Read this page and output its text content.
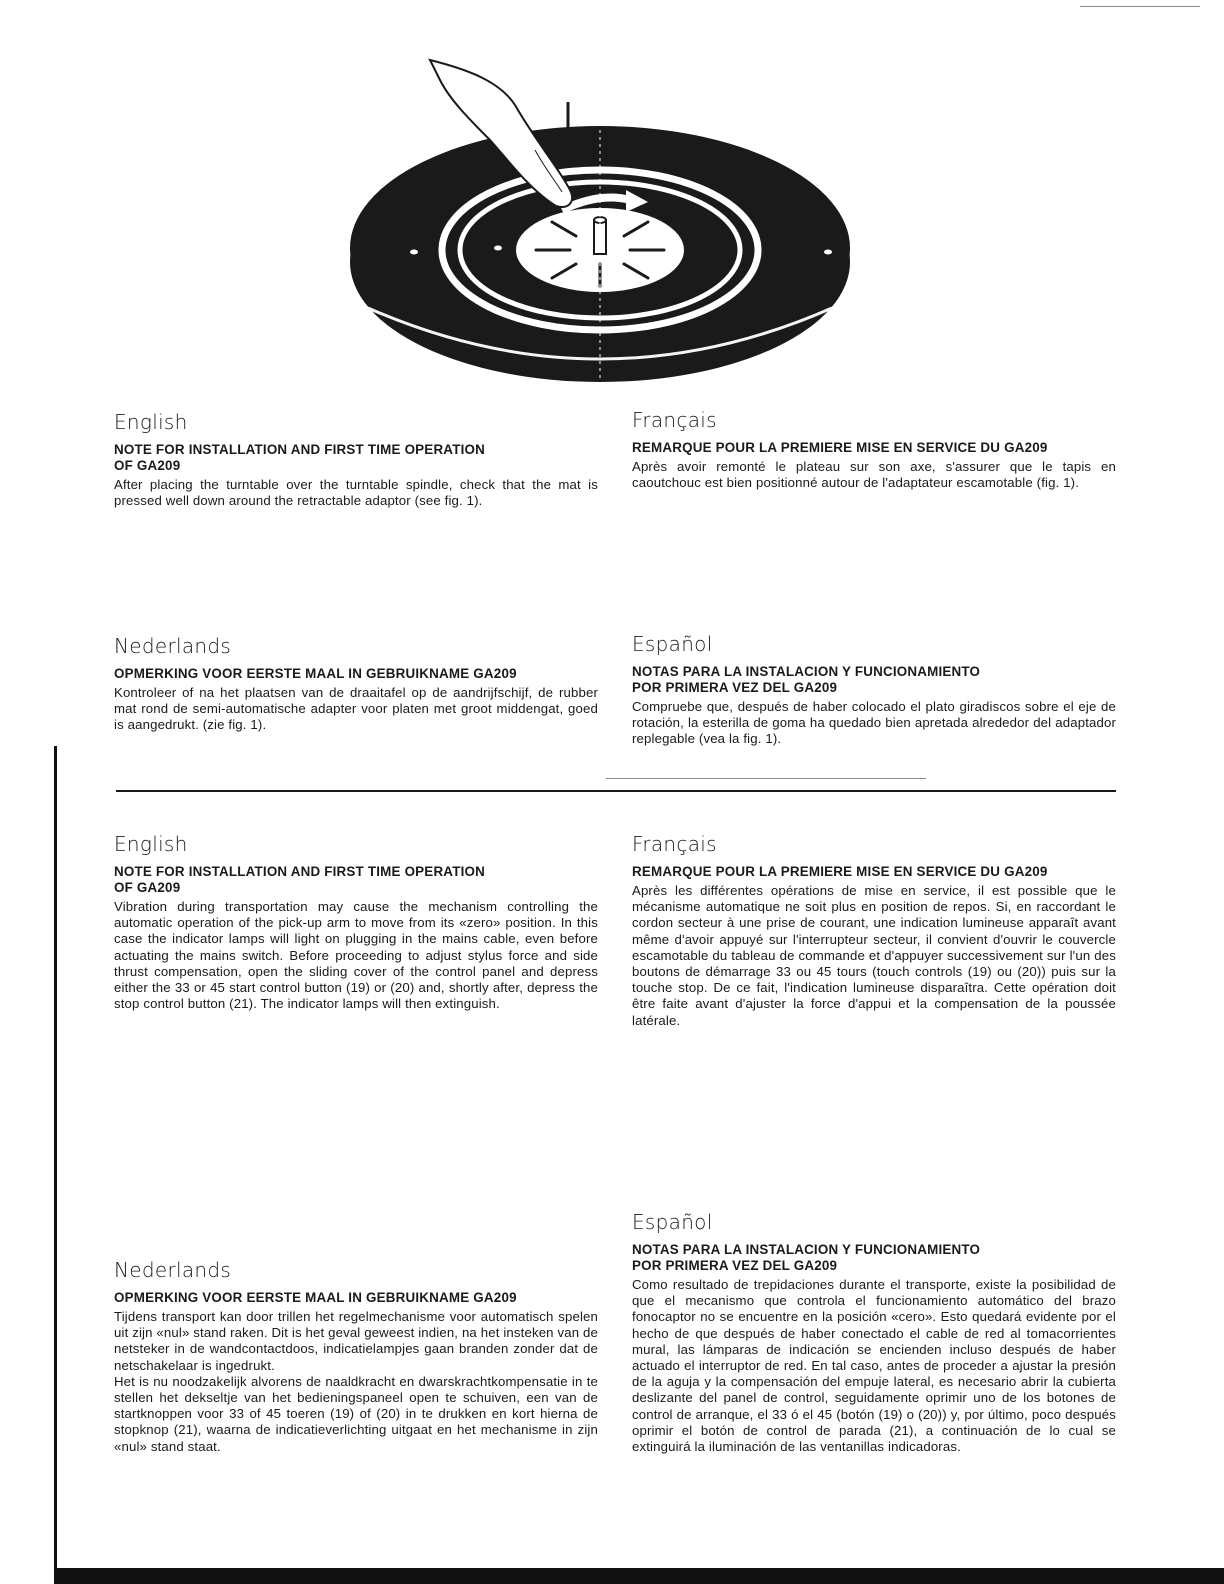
English
NOTE FOR INSTALLATION AND FIRST TIME OPERATION
OF GA209

After placing the turntable over the turntable spindle, check that the mat is pressed well down around the retractable adaptor (see fig. 1).

Français
REMARQUE POUR LA PREMIERE MISE EN SERVICE DU GA209

Après avoir remonté le plateau sur son axe, s'assurer que le tapis en caoutchouc est bien positionné autour de l'adaptateur escamotable (fig. 1).

Nederlands
OPMERKING VOOR EERSTE MAAL IN GEBRUIKNAME GA209

Kontroleer of na het plaatsen van de draaitafel op de aandrijfschijf, de rubber mat rond de semi-automatische adapter voor platen met groot middengat, goed is aangedrukt. (zie fig. 1).

Español
NOTAS PARA LA INSTALACION Y FUNCIONAMIENTO
POR PRIMERA VEZ DEL GA209

Compruebe que, después de haber colocado el plato giradiscos sobre el eje de rotación, la esterilla de goma ha quedado bien apretada alrededor del adaptador replegable (vea la fig. 1).

English
NOTE FOR INSTALLATION AND FIRST TIME OPERATION
OF GA209

Vibration during transportation may cause the mechanism controlling the automatic operation of the pick-up arm to move from its «zero» position. In this case the indicator lamps will light on plugging in the mains cable, even before actuating the mains switch. Before proceeding to adjust stylus force and side thrust compensation, open the sliding cover of the control panel and depress either the 33 or 45 start control button (19) or (20) and, shortly after, depress the stop control button (21). The indicator lamps will then extinguish.

Français
REMARQUE POUR LA PREMIERE MISE EN SERVICE DU GA209

Après les différentes opérations de mise en service, il est possible que le mécanisme automatique ne soit plus en position de repos. Si, en raccordant le cordon secteur à une prise de courant, une indication lumineuse apparaît avant même d'avoir appuyé sur l'interrupteur secteur, il convient d'ouvrir le couvercle escamotable du tableau de commande et d'appuyer successivement sur l'un des boutons de démarrage 33 ou 45 tours (touch controls (19) ou (20)) puis sur la touche stop. De ce fait, l'indication lumineuse disparaîtra. Cette opération doit être faite avant d'ajuster la force d'appui et la compensation de la poussée latérale.

Español
NOTAS PARA LA INSTALACION Y FUNCIONAMIENTO
POR PRIMERA VEZ DEL GA209

Como resultado de trepidaciones durante el transporte, existe la posibilidad de que el mecanismo que controla el funcionamiento automático del brazo fonocaptor no se encuentre en la posición «cero». Esto quedará evidente por el hecho de que después de haber conectado el cable de red al tomacorrientes mural, las lámparas de indicación se encienden incluso después de haber actuado el interruptor de red. En tal caso, antes de proceder a ajustar la presión de la aguja y la compensación del empuje lateral, es necesario abrir la cubierta deslizante del panel de control, seguidamente oprimir uno de los botones de control de arranque, el 33 ó el 45 (botón (19) o (20)) y, por último, poco después oprimir el botón de control de parada (21), a continuación de lo cual se extinguirá la iluminación de las ventanillas indicadoras.

Nederlands
OPMERKING VOOR EERSTE MAAL IN GEBRUIKNAME GA209

Tijdens transport kan door trillen het regelmechanisme voor automatisch spelen uit zijn «nul» stand raken. Dit is het geval geweest indien, na het insteken van de netsteker in de wandcontactdoos, indicatielampjes gaan branden zonder dat de netschakelaar is ingedrukt.
Het is nu noodzakelijk alvorens de naaldkracht en dwarskrachtkompensatie in te stellen het dekseltje van het bedieningspaneel open te schuiven, een van de startknoppen voor 33 of 45 toeren (19) of (20) in te drukken en kort hierna de stopknop (21), waarna de indicatieverlichting uitgaat en het mechanisme in zijn «nul» stand staat.
